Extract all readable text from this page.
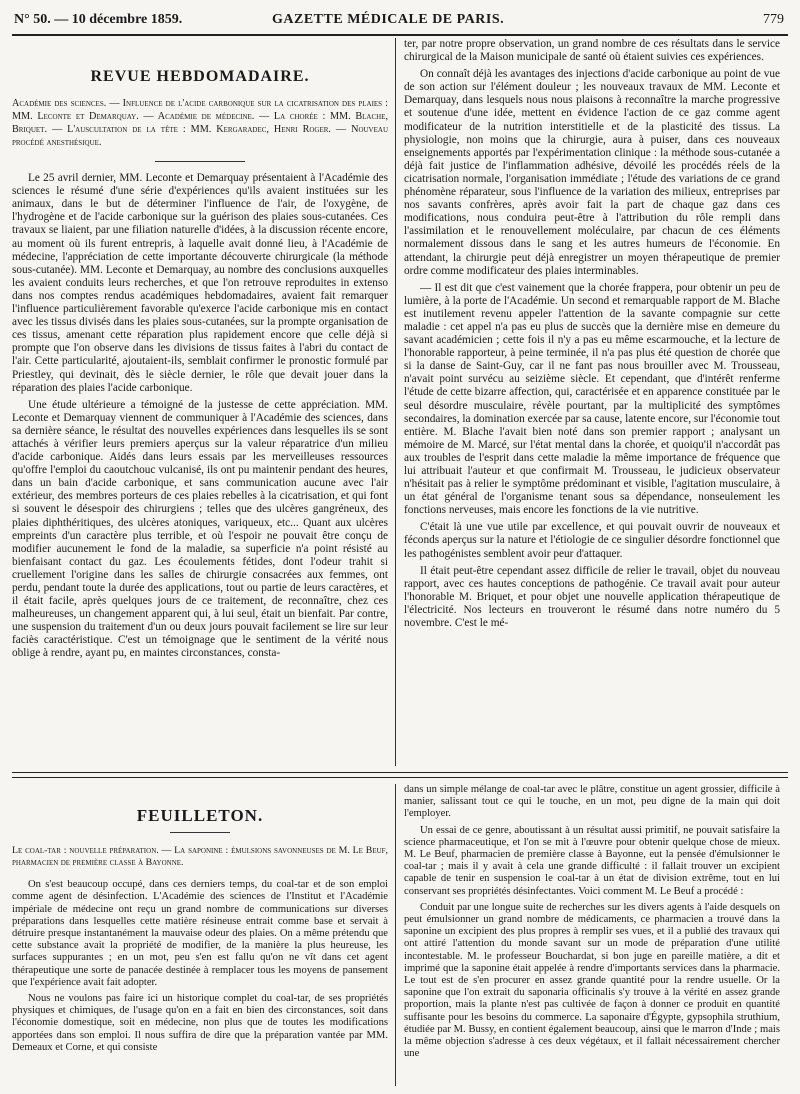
N° 50. — 10 décembre 1859.	GAZETTE MÉDICALE DE PARIS.	779
REVUE HEBDOMADAIRE.
Académie des sciences. — Influence de l'acide carbonique sur la cicatrisation des plaies : MM. Leconte et Demarquay. — Académie de médecine. — La chorée : MM. Blache, Briquet. — L'auscultation de la tête : MM. Kergaradec, Henri Roger. — Nouveau procédé anesthésique.

Le 25 avril dernier, MM. Leconte et Demarquay présentaient à l'Académie des sciences le résumé d'une série d'expériences qu'ils avaient instituées sur les animaux, dans le but de déterminer l'influence de l'air, de l'oxygène, de l'hydrogène et de l'acide carbonique sur la guérison des plaies sous-cutanées. Ces travaux se liaient, par une filiation naturelle d'idées, à la discussion récente encore, au moment où ils furent entrepris, à laquelle avait donné lieu, à l'Académie de médecine, l'appréciation de cette importante découverte chirurgicale (la méthode sous-cutanée). MM. Leconte et Demarquay, au nombre des conclusions auxquelles les avaient conduits leurs recherches, et que l'on retrouve reproduites in extenso dans nos comptes rendus académiques hebdomadaires, avaient fait remarquer l'influence particulièrement favorable qu'exerce l'acide carbonique mis en contact avec les tissus divisés dans les plaies sous-cutanées, sur la prompte organisation de ces tissus, amenant cette réparation plus rapidement encore que celle déjà si prompte que l'on observe dans les divisions de tissus faites à l'abri du contact de l'air. Cette particularité, ajoutaient-ils, semblait confirmer le pronostic formulé par Priestley, qui devinait, dès le siècle dernier, le rôle que devait jouer dans la réparation des plaies l'acide carbonique.

Une étude ultérieure a témoigné de la justesse de cette appréciation. MM. Leconte et Demarquay viennent de communiquer à l'Académie des sciences, dans sa dernière séance, le résultat des nouvelles expériences dans lesquelles ils se sont attachés à vérifier leurs premiers aperçus sur la valeur réparatrice d'un milieu d'acide carbonique. Aidés dans leurs essais par les merveilleuses ressources qu'offre l'emploi du caoutchouc vulcanisé, ils ont pu maintenir pendant des heures, dans un bain d'acide carbonique, et sans communication aucune avec l'air extérieur, des membres porteurs de ces plaies rebelles à la cicatrisation, et qui font si souvent le désespoir des chirurgiens ; telles que des ulcères gangréneux, des plaies diphthéritiques, des ulcères atoniques, variqueux, etc... Quant aux ulcères empreints d'un caractère plus terrible, et où l'espoir ne pouvait être conçu de modifier aucunement le fond de la maladie, sa superficie n'a point résisté au bienfaisant contact du gaz. Les écoulements fétides, dont l'odeur trahit si cruellement l'origine dans les salles de chirurgie consacrées aux femmes, ont perdu, pendant toute la durée des applications, tout ou partie de leurs caractères, et il était facile, après quelques jours de ce traitement, de reconnaître, chez ces malheureuses, un changement apparent qui, à lui seul, était un bienfait. Par contre, une suspension du traitement d'un ou deux jours pouvait facilement se lire sur leur faciès caractéristique. C'est un témoignage que le sentiment de la vérité nous oblige à rendre, ayant pu, en maintes circonstances, consta-

ter, par notre propre observation, un grand nombre de ces résultats dans le service chirurgical de la Maison municipale de santé où étaient suivies ces expériences.

On connaît déjà les avantages des injections d'acide carbonique au point de vue de son action sur l'élément douleur ; les nouveaux travaux de MM. Leconte et Demarquay, dans lesquels nous nous plaisons à reconnaître la marche progressive et soutenue d'une idée, mettent en évidence l'action de ce gaz comme agent modificateur de la nutrition interstitielle et de la plasticité des tissus. La physiologie, non moins que la chirurgie, aura à puiser, dans ces nouveaux enseignements apportés par l'expérimentation clinique : la méthode sous-cutanée a déjà fait justice de l'inflammation adhésive, dévoilé les procédés réels de la cicatrisation normale, l'organisation immédiate ; l'étude des variations de ce grand phénomène réparateur, sous l'influence de la variation des milieux, entreprises par nos savants confrères, après avoir fait la part de chaque gaz dans ces modifications, nous conduira peut-être à l'attribution du rôle rempli dans l'assimilation et le renouvellement moléculaire, par chacun de ces éléments normalement dissous dans le sang et les autres humeurs de l'économie. En attendant, la chirurgie peut déjà enregistrer un moyen thérapeutique de premier ordre comme modificateur des plaies interminables.

— Il est dit que c'est vainement que la chorée frappera, pour obtenir un peu de lumière, à la porte de l'Académie. Un second et remarquable rapport de M. Blache est inutilement revenu appeler l'attention de la savante compagnie sur cette maladie : cet appel n'a pas eu plus de succès que la dernière mise en demeure du savant académicien ; cette fois il n'y a pas eu même escarmouche, et la lecture de l'honorable rapporteur, à peine terminée, il n'a pas plus été question de chorée que si la danse de Saint-Guy, car il ne fant pas nous brouiller avec M. Trousseau, n'avait point survécu au seizième siècle. Et cependant, que d'intérêt renferme l'étude de cette bizarre affection, qui, caractérisée et en apparence constituée par le seul désordre musculaire, révèle pourtant, par la multiplicité des symptômes secondaires, la domination exercée par sa cause, latente encore, sur l'économie tout entière. M. Blache l'avait bien noté dans son premier rapport ; analysant un mémoire de M. Marcé, sur l'état mental dans la chorée, et quoiqu'il n'accordât pas aux troubles de l'esprit dans cette maladie la même importance de fréquence que lui attribuait l'auteur et que confirmait M. Trousseau, le judicieux observateur n'hésitait pas à relier le symptôme prédominant et visible, l'agitation musculaire, à un état général de l'organisme tenant sous sa dépendance, nonseulement les fonctions nerveuses, mais encore les fonctions de la vie nutritive.

C'était là une vue utile par excellence, et qui pouvait ouvrir de nouveaux et féconds aperçus sur la nature et l'étiologie de ce singulier désordre fonctionnel que les pathogénistes semblent avoir peur d'attaquer.

Il était peut-être cependant assez difficile de relier le travail, objet du nouveau rapport, avec ces hautes conceptions de pathogénie. Ce travail avait pour auteur l'honorable M. Briquet, et pour objet une nouvelle application thérapeutique de l'électricité. Nos lecteurs en trouveront le résumé dans notre numéro du 5 novembre. C'est le mé-

FEUILLETON.
Le coal-tar : nouvelle préparation. — La saponine : émulsions savonneuses de M. Le Beuf, pharmacien de première classe à Bayonne.

On s'est beaucoup occupé, dans ces derniers temps, du coal-tar et de son emploi comme agent de désinfection. L'Académie des sciences de l'Institut et l'Académie impériale de médecine ont reçu un grand nombre de communications sur diverses préparations dans lesquelles cette matière résineuse entrait comme base et servait à détruire presque instantanément la mauvaise odeur des plaies. On a même prétendu que cette substance avait la propriété de modifier, de la manière la plus heureuse, les surfaces suppurantes ; en un mot, peu s'en est fallu qu'on ne vît dans cet agent thérapeutique une sorte de panacée destinée à remplacer tous les moyens de pansement que l'expérience avait fait adopter.

Nous ne voulons pas faire ici un historique complet du coal-tar, de ses propriétés physiques et chimiques, de l'usage qu'on en a fait en bien des circonstances, soit dans l'économie domestique, soit en médecine, non plus que de toutes les modifications apportées dans son emploi. Il nous suffira de dire que la préparation vantée par MM. Demeaux et Corne, et qui consiste

dans un simple mélange de coal-tar avec le plâtre, constitue un agent grossier, difficile à manier, salissant tout ce qui le touche, en un mot, peu digne de la main qui doit l'employer.

Un essai de ce genre, aboutissant à un résultat aussi primitif, ne pouvait satisfaire la science pharmaceutique, et l'on se mit à l'œuvre pour obtenir quelque chose de mieux. M. Le Beuf, pharmacien de première classe à Bayonne, eut la pensée d'émulsionner le coal-tar ; mais il y avait à cela une grande difficulté : il fallait trouver un excipient capable de tenir en suspension le coal-tar à un état de division extrême, tout en lui conservant ses propriétés désinfectantes. Voici comment M. Le Beuf a procédé :

Conduit par une longue suite de recherches sur les divers agents à l'aide desquels on peut émulsionner un grand nombre de médicaments, ce pharmacien a trouvé dans la saponine un excipient des plus propres à remplir ses vues, et il a publié des travaux qui ont attiré l'attention du monde savant sur un mode de préparation d'une utilité incontestable. M. le professeur Bouchardat, si bon juge en pareille matière, a dit et imprimé que la saponine était appelée à rendre d'importants services dans la pharmacie. Le tout est de s'en procurer en assez grande quantité pour la rendre usuelle. Or la saponine que l'on extrait du saponaria officinalis s'y trouve à la vérité en assez grande proportion, mais la plante n'est pas cultivée de façon à donner ce produit en quantité suffisante pour les besoins du commerce. La saponaire d'Égypte, gypsophila struthium, étudiée par M. Bussy, en contient également beaucoup, ainsi que le marron d'Inde ; mais la même objection s'adresse à ces deux végétaux, et il fallait nécessairement chercher une
